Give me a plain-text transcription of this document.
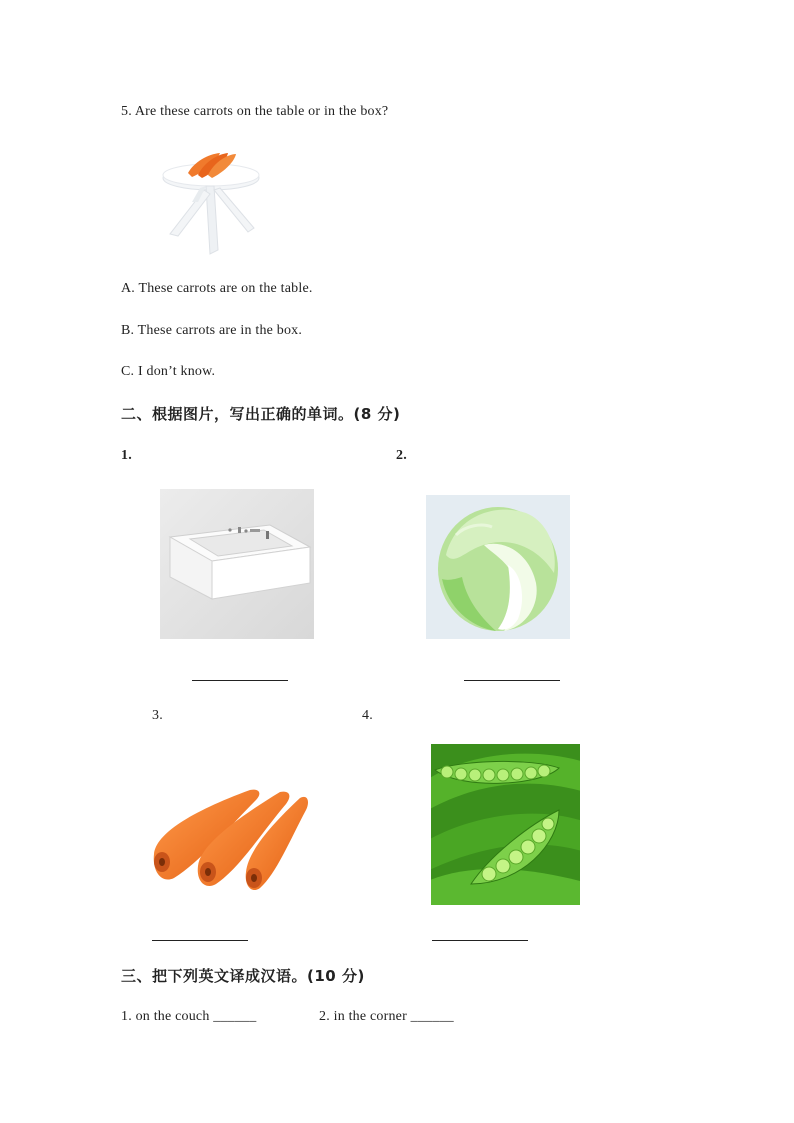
5. Are these carrots on the table or in the box?
A. These carrots are on the table.
B. These carrots are in the box.
C. I don’t know.
二、根据图片，写出正确的单词。(8 分)
1.	2.
3.	4.
三、把下列英文译成汉语。(10 分)
1. on the couch ______	2. in the corner ______
